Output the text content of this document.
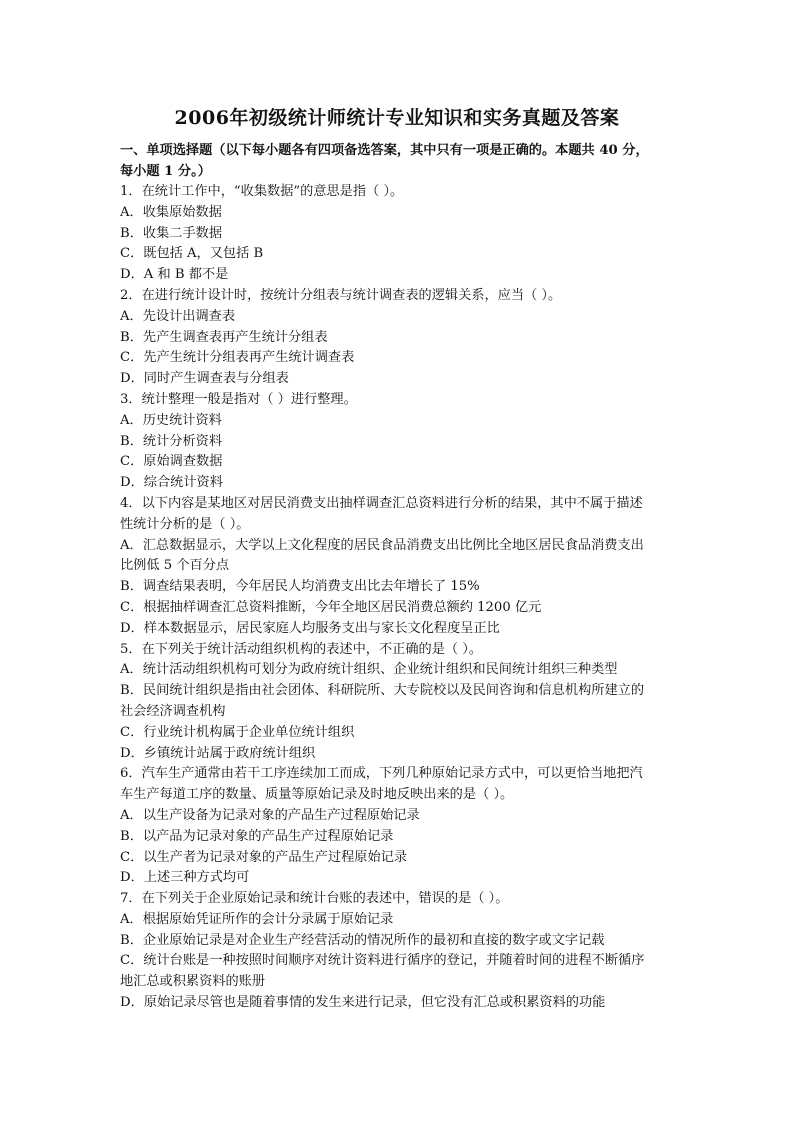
2006年初级统计师统计专业知识和实务真题及答案
一、单项选择题（以下每小题各有四项备选答案，其中只有一项是正确的。本题共 40 分，
每小题 1 分。）
1．在统计工作中，“收集数据”的意思是指（ ）。
A．收集原始数据
B．收集二手数据
C．既包括 A，又包括 B
D．A 和 B 都不是
2．在进行统计设计时，按统计分组表与统计调查表的逻辑关系，应当（ ）。
A．先设计出调查表
B．先产生调查表再产生统计分组表
C．先产生统计分组表再产生统计调查表
D．同时产生调查表与分组表
3．统计整理一般是指对（ ）进行整理。
A．历史统计资料
B．统计分析资料
C．原始调查数据
D．综合统计资料
4．以下内容是某地区对居民消费支出抽样调查汇总资料进行分析的结果，其中不属于描述
性统计分析的是（ ）。
A．汇总数据显示，大学以上文化程度的居民食品消费支出比例比全地区居民食品消费支出
比例低 5 个百分点
B．调查结果表明，今年居民人均消费支出比去年增长了 15%
C．根据抽样调查汇总资料推断，今年全地区居民消费总额约 1200 亿元
D．样本数据显示，居民家庭人均服务支出与家长文化程度呈正比
5．在下列关于统计活动组织机构的表述中，不正确的是（ ）。
A．统计活动组织机构可划分为政府统计组织、企业统计组织和民间统计组织三种类型
B．民间统计组织是指由社会团体、科研院所、大专院校以及民间咨询和信息机构所建立的
社会经济调查机构
C．行业统计机构属于企业单位统计组织
D．乡镇统计站属于政府统计组织
6．汽车生产通常由若干工序连续加工而成，下列几种原始记录方式中，可以更恰当地把汽
车生产每道工序的数量、质量等原始记录及时地反映出来的是（ ）。
A．以生产设备为记录对象的产品生产过程原始记录
B．以产品为记录对象的产品生产过程原始记录
C．以生产者为记录对象的产品生产过程原始记录
D．上述三种方式均可
7．在下列关于企业原始记录和统计台账的表述中，错误的是（ ）。
A．根据原始凭证所作的会计分录属于原始记录
B．企业原始记录是对企业生产经营活动的情况所作的最初和直接的数字或文字记载
C．统计台账是一种按照时间顺序对统计资料进行循序的登记，并随着时间的进程不断循序
地汇总或积累资料的账册
D．原始记录尽管也是随着事情的发生来进行记录，但它没有汇总或积累资料的功能
